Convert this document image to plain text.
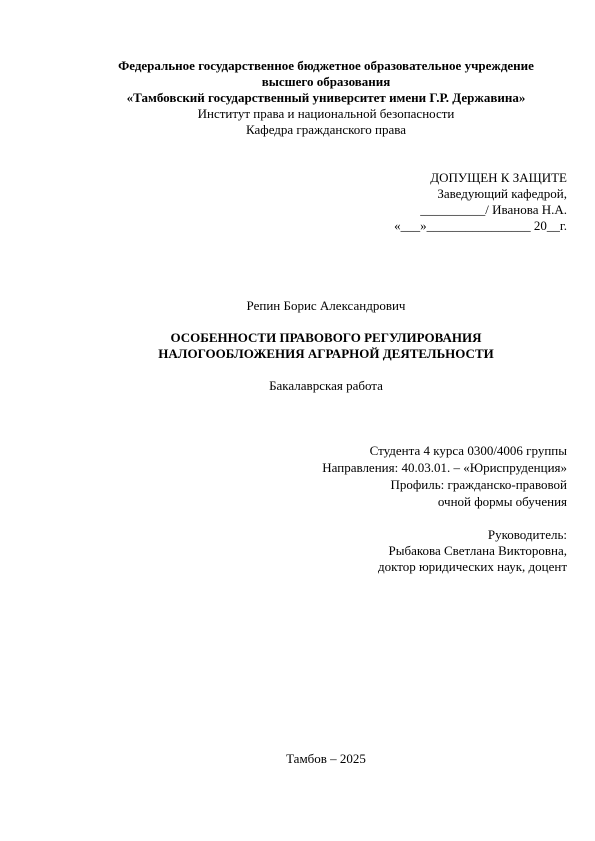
Федеральное государственное бюджетное образовательное учреждение
высшего образования
«Тамбовский государственный университет имени Г.Р. Державина»
Институт права и национальной безопасности
Кафедра гражданского права
ДОПУЩЕН К ЗАЩИТЕ
Заведующий кафедрой,
__________/ Иванова Н.А.
«___»________________ 20__г.
Репин Борис Александрович
ОСОБЕННОСТИ ПРАВОВОГО РЕГУЛИРОВАНИЯ
НАЛОГООБЛОЖЕНИЯ АГРАРНОЙ ДЕЯТЕЛЬНОСТИ
Бакалаврская работа
Студента 4 курса 0300/4006 группы
Направления: 40.03.01. – «Юриспруденция»
Профиль: гражданско-правовой
очной формы обучения
Руководитель:
Рыбакова Светлана Викторовна,
доктор юридических наук, доцент
Тамбов – 2025
